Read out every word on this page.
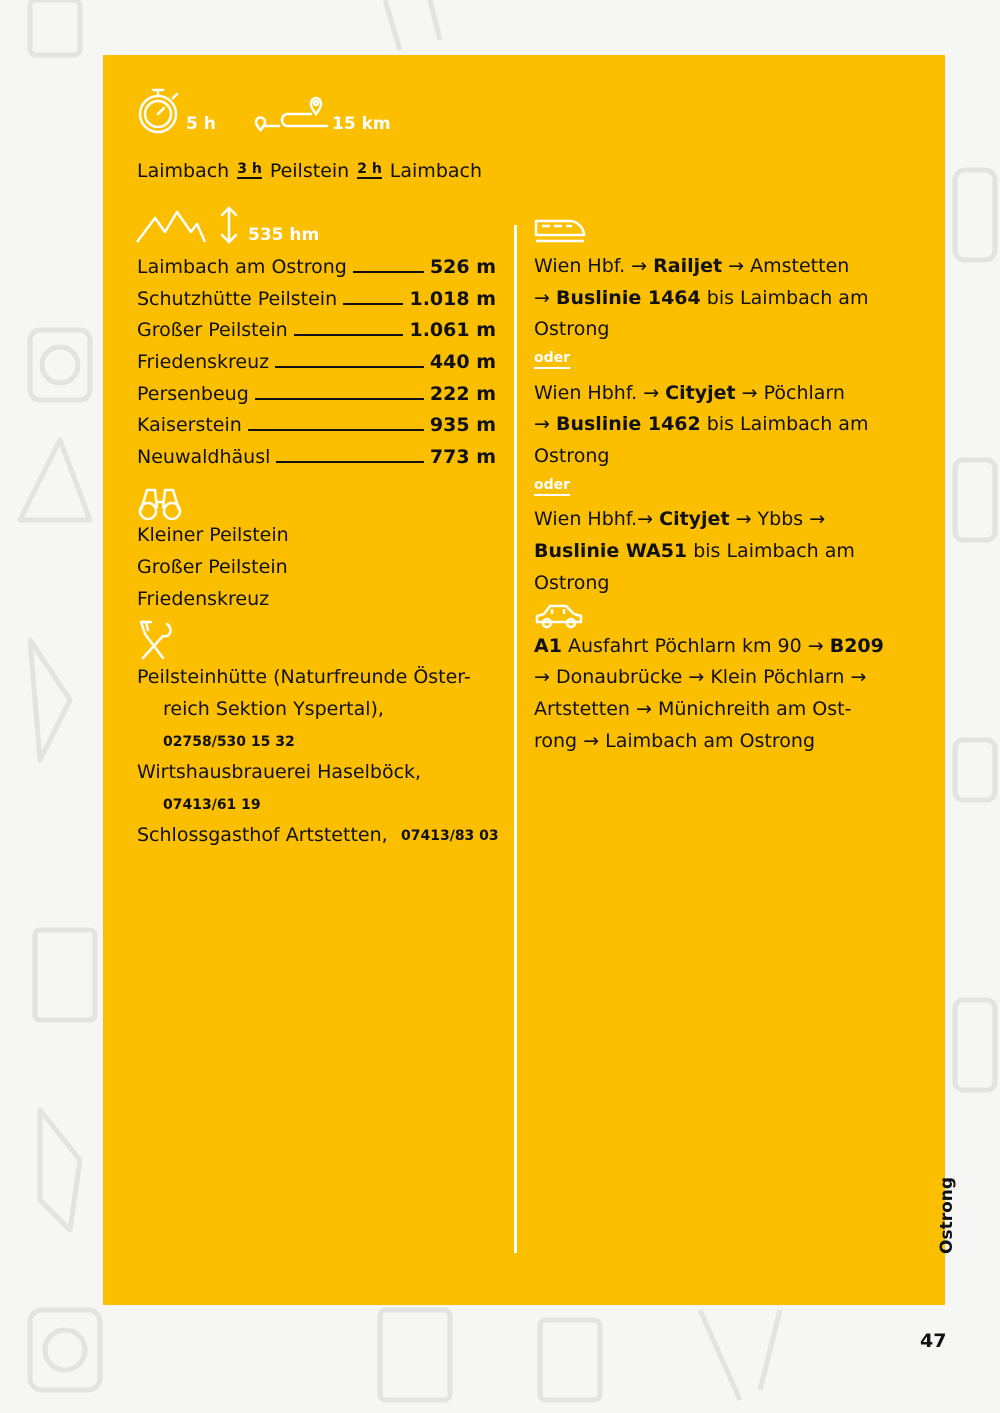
5 h	15 km
Laimbach 3 h Peilstein 2 h Laimbach
535 hm
Laimbach am Ostrong	526 m
Schutzhütte Peilstein	1.018 m
Großer Peilstein	1.061 m
Friedenskreuz	440 m
Persenbeug	222 m
Kaiserstein	935 m
Neuwaldhäusl	773 m
Kleiner Peilstein
Großer Peilstein
Friedenskreuz
Peilsteinhütte (Naturfreunde Öster-
reich Sektion Yspertal),
02758/530 15 32
Wirtshausbrauerei Haselböck,
07413/61 19
Schlossgasthof Artstetten, 07413/83 03
Wien Hbf. → Railjet → Amstetten
→ Buslinie 1464 bis Laimbach am
Ostrong
oder
Wien Hbhf. → Cityjet → Pöchlarn
→ Buslinie 1462 bis Laimbach am
Ostrong
oder
Wien Hbhf.→ Cityjet → Ybbs →
Buslinie WA51 bis Laimbach am
Ostrong
A1 Ausfahrt Pöchlarn km 90 → B209
→ Donaubrücke → Klein Pöchlarn →
Artstetten → Münichreith am Ost-
rong → Laimbach am Ostrong
Ostrong
47
